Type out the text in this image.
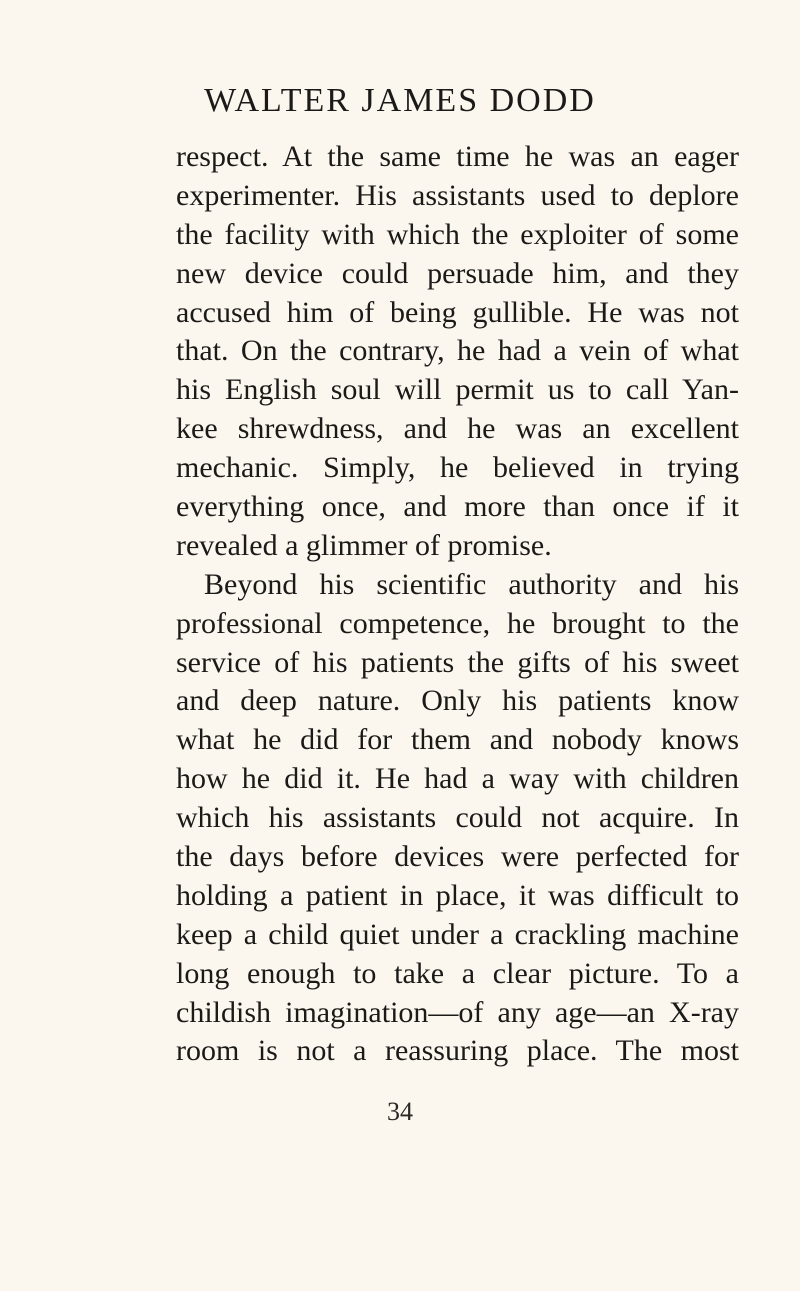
WALTER JAMES DODD
respect. At the same time he was an eager
experimenter. His assistants used to deplore
the facility with which the exploiter of some
new device could persuade him, and they
accused him of being gullible. He was not
that. On the contrary, he had a vein of what
his English soul will permit us to call Yan-
kee shrewdness, and he was an excellent
mechanic. Simply, he believed in trying
everything once, and more than once if it
revealed a glimmer of promise.
Beyond his scientific authority and his
professional competence, he brought to the
service of his patients the gifts of his sweet
and deep nature. Only his patients know
what he did for them and nobody knows
how he did it. He had a way with children
which his assistants could not acquire. In
the days before devices were perfected for
holding a patient in place, it was difficult to
keep a child quiet under a crackling machine
long enough to take a clear picture. To a
childish imagination—of any age—an X-ray
room is not a reassuring place. The most
34
